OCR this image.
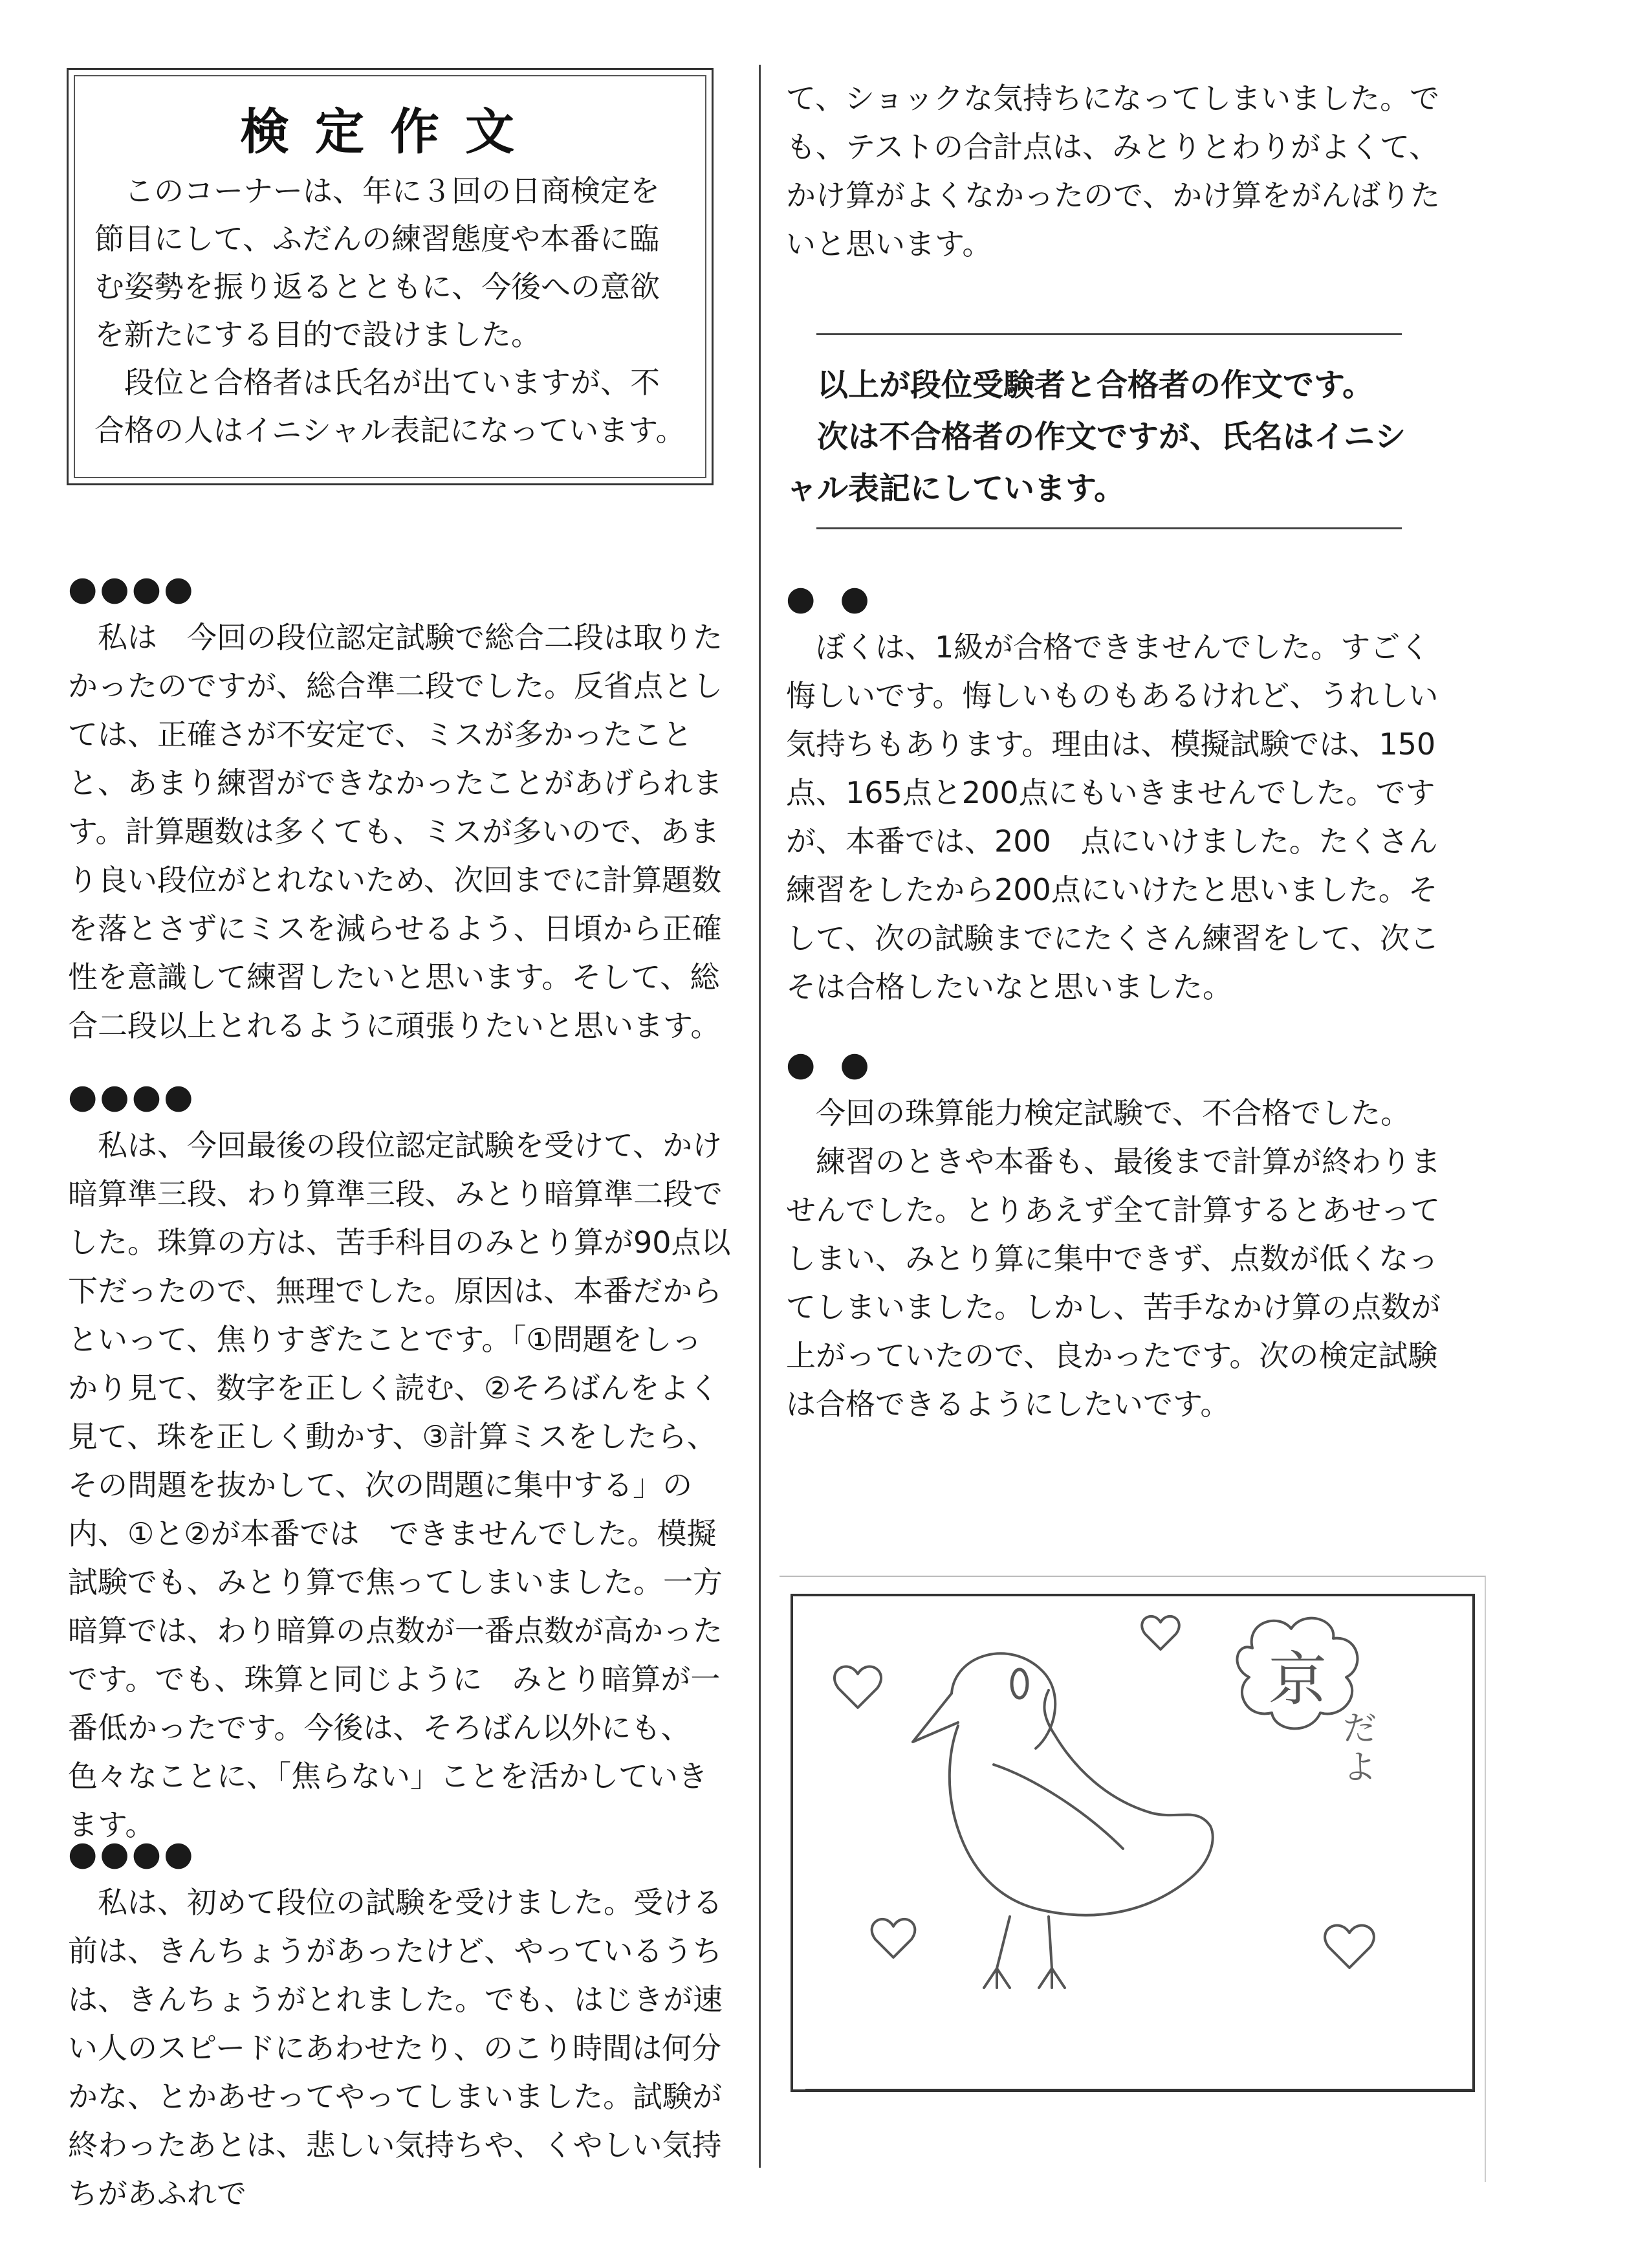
検定作文

このコーナーは、年に３回の日商検定を節目にして、ふだんの練習態度や本番に臨む姿勢を振り返るとともに、今後への意欲を新たにする目的で設けました。

段位と合格者は氏名が出ていますが、不合格の人はイニシャル表記になっています。

●●●●

私は　今回の段位認定試験で総合二段は取りたかったのですが、総合準二段でした。反省点としては、正確さが不安定で、ミスが多かったことと、あまり練習ができなかったことがあげられます。計算題数は多くても、ミスが多いので、あまり良い段位がとれないため、次回までに計算題数を落とさずにミスを減らせるよう、日頃から正確性を意識して練習したいと思います。そして、総合二段以上とれるように頑張りたいと思います。

●●●●

私は、今回最後の段位認定試験を受けて、かけ暗算準三段、わり算準三段、みとり暗算準二段でした。珠算の方は、苦手科目のみとり算が90点以下だったので、無理でした。原因は、本番だからといって、焦りすぎたことです。「①問題をしっかり見て、数字を正しく読む、②そろばんをよく見て、珠を正しく動かす、③計算ミスをしたら、その問題を抜かして、次の問題に集中する」の内、①と②が本番では　できませんでした。模擬試験でも、みとり算で焦ってしまいました。一方　暗算では、わり暗算の点数が一番点数が高かったです。でも、珠算と同じように　みとり暗算が一番低かったです。今後は、そろばん以外にも、色々なことに、「焦らない」ことを活かしていきます。

●●●●

私は、初めて段位の試験を受けました。受ける前は、きんちょうがあったけど、やっているうちは、きんちょうがとれました。でも、はじきが速い人のスピードにあわせたり、のこり時間は何分かな、とかあせってやってしまいました。試験が終わったあとは、悲しい気持ちや、くやしい気持ちがあふれで

て、ショックな気持ちになってしまいました。でも、テストの合計点は、みとりとわりがよくて、かけ算がよくなかったので、かけ算をがんばりたいと思います。

以上が段位受験者と合格者の作文です。

次は不合格者の作文ですが、氏名はイニシャル表記にしています。

●●

ぼくは、1級が合格できませんでした。すごく悔しいです。悔しいものもあるけれど、うれしい気持ちもあります。理由は、模擬試験では、150　点、165点と200点にもいきませんでした。ですが、本番では、200　点にいけました。たくさん練習をしたから200点にいけたと思いました。そして、次の試験までにたくさん練習をして、次こそは合格したいなと思いました。

●●

今回の珠算能力検定試験で、不合格でした。

練習のときや本番も、最後まで計算が終わりませんでした。とりあえず全て計算するとあせってしまい、みとり算に集中できず、点数が低くなってしまいました。しかし、苦手なかけ算の点数が上がっていたので、良かったです。次の検定試験は合格できるようにしたいです。

京
だよ
